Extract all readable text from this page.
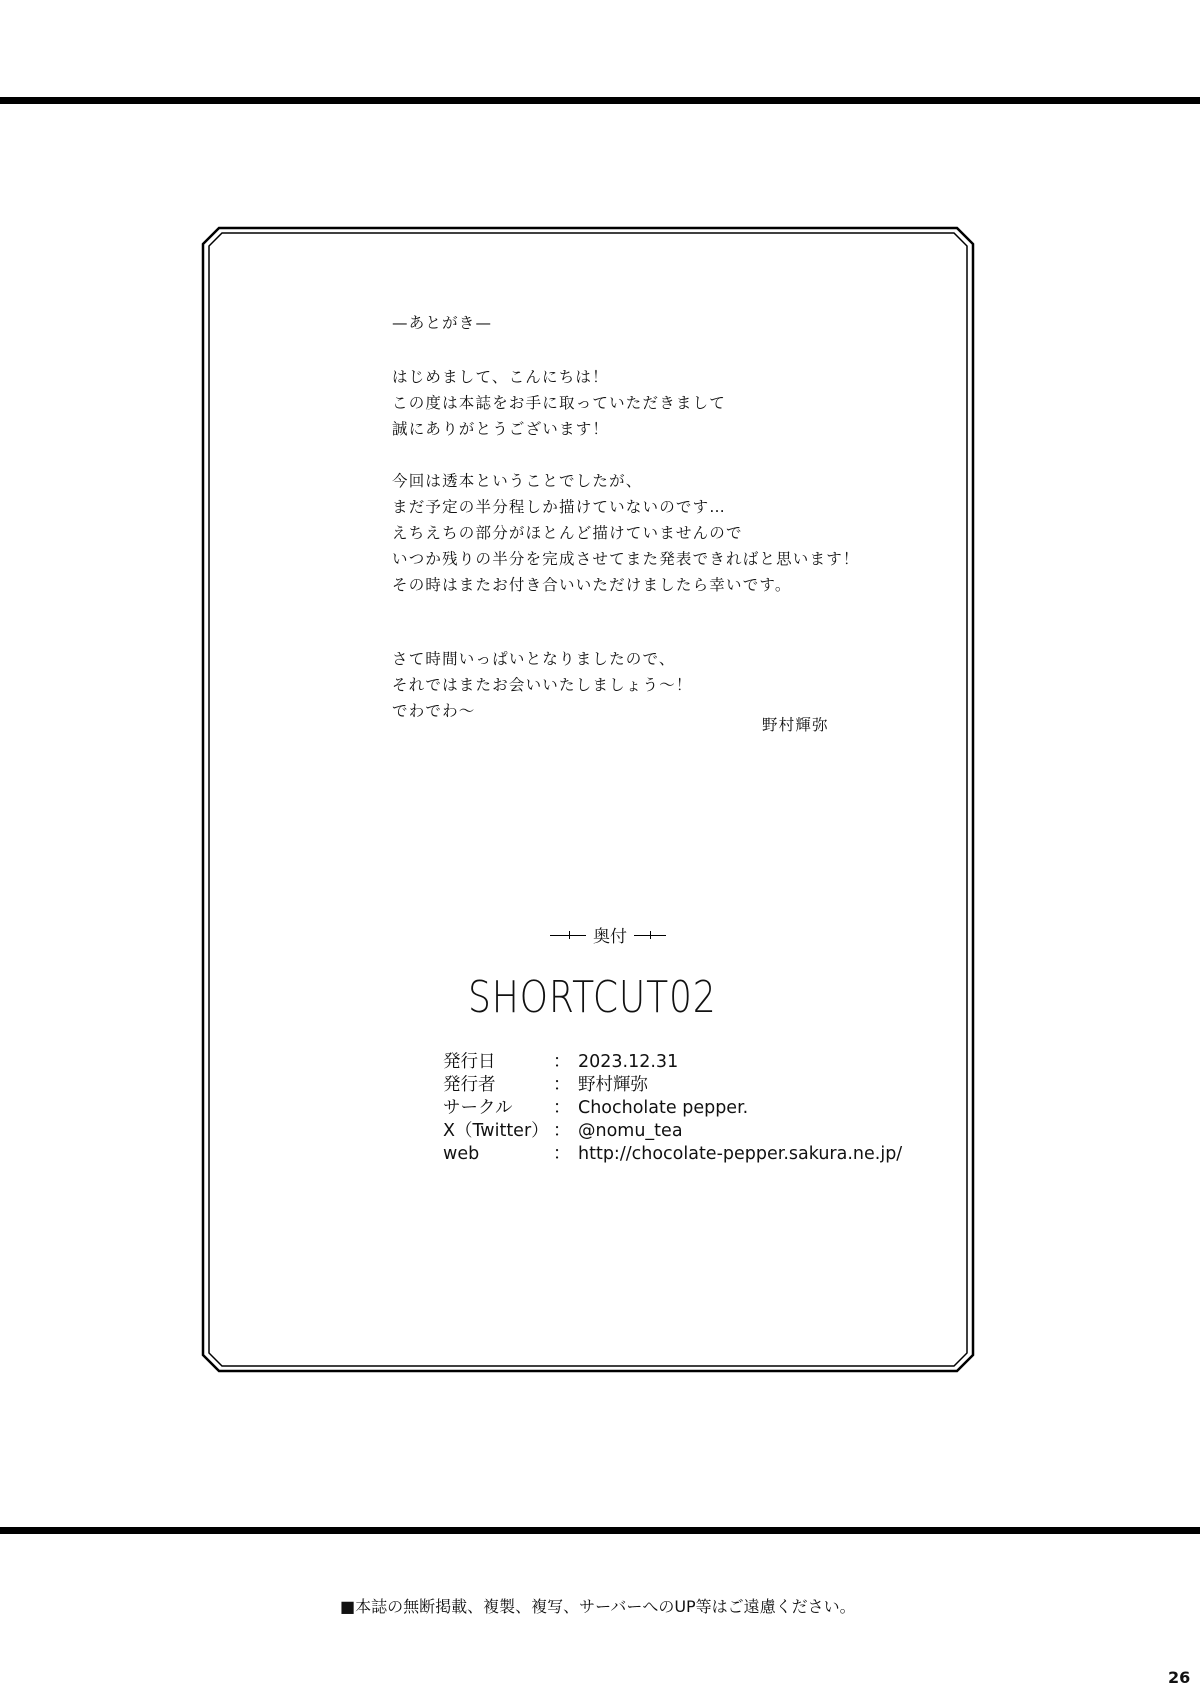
—あとがき—
はじめまして、こんにちは！
この度は本誌をお手に取っていただきまして
誠にありがとうございます！
今回は透本ということでしたが、
まだ予定の半分程しか描けていないのです…
えちえちの部分がほとんど描けていませんので
いつか残りの半分を完成させてまた発表できればと思います！
その時はまたお付き合いいただけましたら幸いです。
さて時間いっぱいとなりましたので、
それではまたお会いいたしましょう〜！
でわでわ〜
野村輝弥
奥付
SHORTCUT02
発行日	： 2023.12.31
発行者	： 野村輝弥
サークル ： Chocholate pepper.
X（Twitter） ： @nomu_tea
web	： http://chocolate-pepper.sakura.ne.jp/
■本誌の無断掲載、複製、複写、サーバーへのUP等はご遠慮ください。
26
